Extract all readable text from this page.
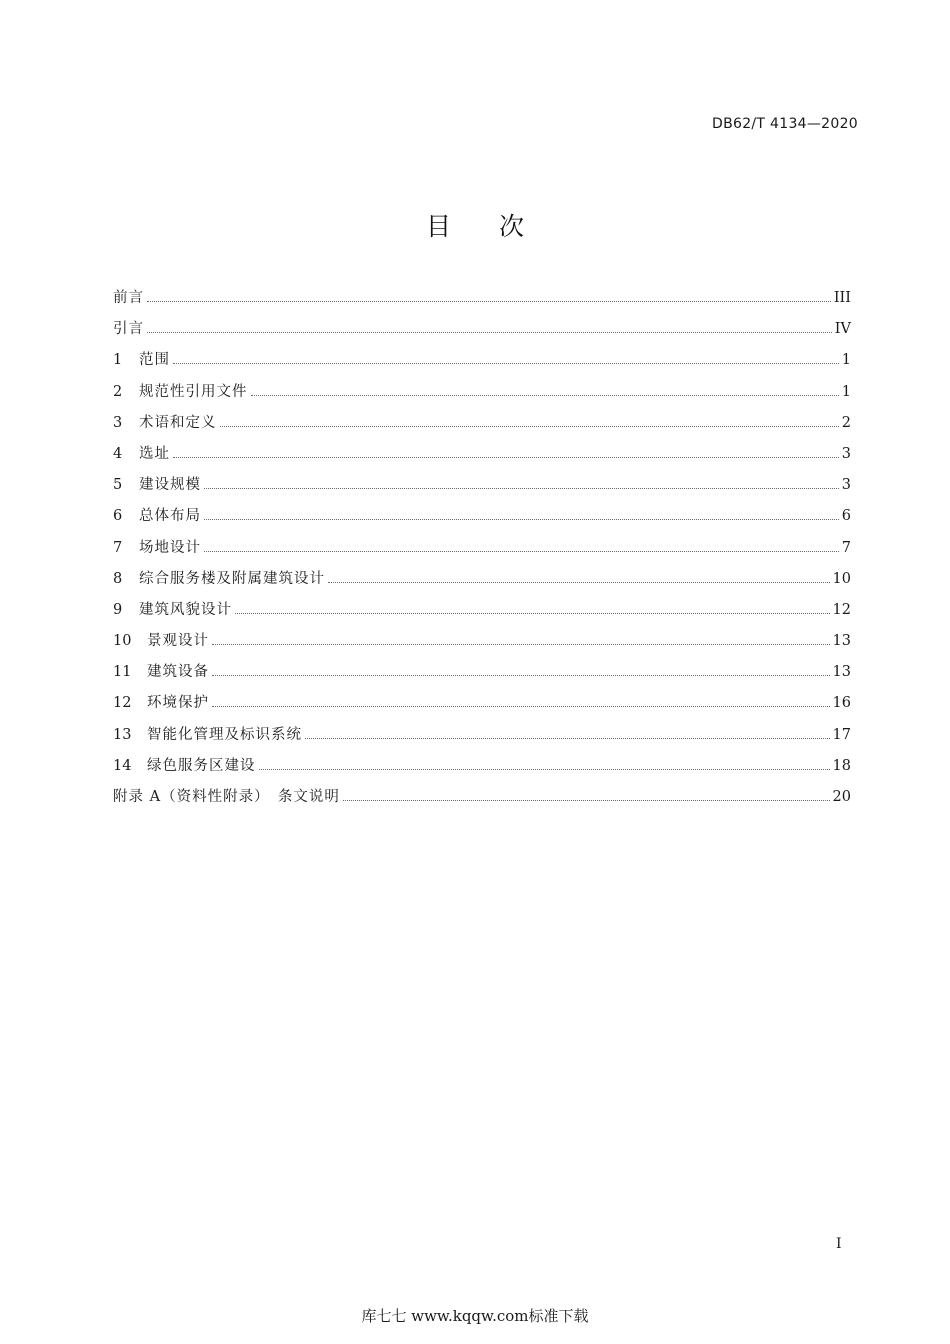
DB62/T 4134—2020
目次
前言	III
引言	IV
1	范围	1
2	规范性引用文件	1
3	术语和定义	2
4	选址	3
5	建设规模	3
6	总体布局	6
7	场地设计	7
8	综合服务楼及附属建筑设计	10
9	建筑风貌设计	12
10	景观设计	13
11	建筑设备	13
12	环境保护	16
13	智能化管理及标识系统	17
14	绿色服务区建设	18
附录 A（资料性附录）　条文说明	20
I
库七七 www.kqqw.com标准下载
